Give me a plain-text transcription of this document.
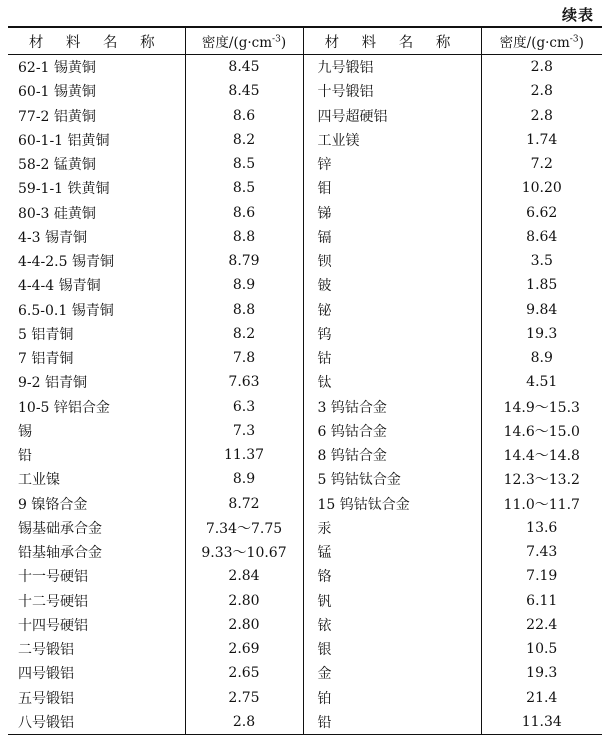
续表
材 料 名 称	密度$/(g\cdot cm^{-3})$	材 料 名 称	密度$/(g\cdot cm^{-3})$
62-1 锡黄铜	8.45	九号锻铝	2.8
60-1 锡黄铜	8.45	十号锻铝	2.8
77-2 铝黄铜	8.6	四号超硬铝	2.8
60-1-1 铝黄铜	8.2	工业镁	1.74
58-2 锰黄铜	8.5	锌	7.2
59-1-1 铁黄铜	8.5	钼	10.20
80-3 硅黄铜	8.6	锑	6.62
4-3 锡青铜	8.8	镉	8.64
4-4-2.5 锡青铜	8.79	钡	3.5
4-4-4 锡青铜	8.9	铍	1.85
6.5-0.1 锡青铜	8.8	铋	9.84
5 铝青铜	8.2	钨	19.3
7 铝青铜	7.8	钴	8.9
9-2 铝青铜	7.63	钛	4.51
10-5 锌铝合金	6.3	3 钨钴合金	14.9～15.3
锡	7.3	6 钨钴合金	14.6～15.0
铅	11.37	8 钨钴合金	14.4～14.8
工业镍	8.9	5 钨钴钛合金	12.3～13.2
9 镍铬合金	8.72	15 钨钴钛合金	11.0～11.7
锡基础承合金	7.34～7.75	汞	13.6
铅基轴承合金	9.33～10.67	锰	7.43
十一号硬铝	2.84	铬	7.19
十二号硬铝	2.80	钒	6.11
十四号硬铝	2.80	铱	22.4
二号锻铝	2.69	银	10.5
四号锻铝	2.65	金	19.3
五号锻铝	2.75	铂	21.4
八号锻铝	2.8	铅	11.34
